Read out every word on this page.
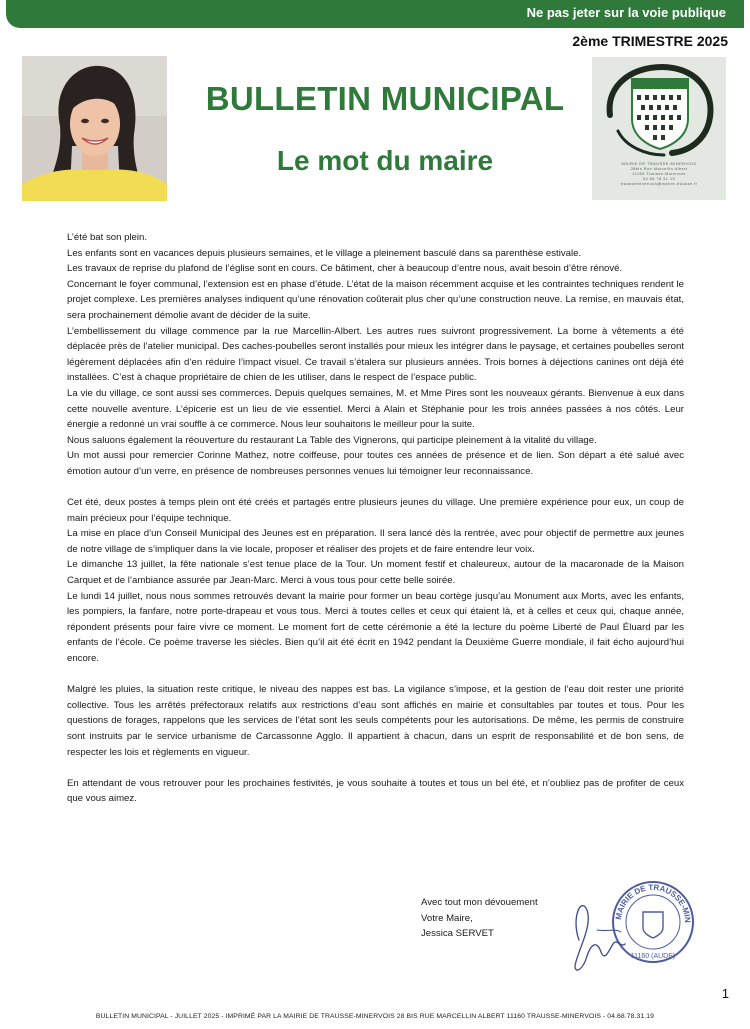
Ne pas jeter sur la voie publique
2ème TRIMESTRE 2025
BULLETIN MUNICIPAL
Le mot du maire	MAIRIE DE TRAUSSE-MINERVOIS
28bis Rue Marcellin Albert
11160 Trausse-Minervois
04 68 78 31 19
trausseminervois@mairie-trausse.fr

L’été bat son plein.

Les enfants sont en vacances depuis plusieurs semaines, et le village a pleinement basculé dans sa parenthèse estivale.

Les travaux de reprise du plafond de l’église sont en cours. Ce bâtiment, cher à beaucoup d’entre nous, avait besoin d’être rénové.

Concernant le foyer communal, l’extension est en phase d’étude. L’état de la maison récemment acquise et les contraintes techniques rendent le projet complexe. Les premières analyses indiquent qu’une rénovation coûterait plus cher qu’une construction neuve. La remise, en mauvais état, sera prochainement démolie avant de décider de la suite.

L’embellissement du village commence par la rue Marcellin-Albert. Les autres rues suivront progressivement. La borne à vêtements a été déplacée près de l’atelier municipal. Des caches-poubelles seront installés pour mieux les intégrer dans le paysage, et certaines poubelles seront légèrement déplacées afin d’en réduire l’impact visuel. Ce travail s’étalera sur plusieurs années. Trois bornes à déjections canines ont déjà été installées. C’est à chaque propriétaire de chien de les utiliser, dans le respect de l’espace public.

La vie du village, ce sont aussi ses commerces. Depuis quelques semaines, M. et Mme Pires sont les nouveaux gérants. Bienvenue à eux dans cette nouvelle aventure. L’épicerie est un lieu de vie essentiel. Merci à Alain et Stéphanie pour les trois années passées à nos côtés. Leur énergie a redonné un vrai souffle à ce commerce. Nous leur souhaitons le meilleur pour la suite.

Nous saluons également la réouverture du restaurant La Table des Vignerons, qui participe pleinement à la vitalité du village.

Un mot aussi pour remercier Corinne Mathez, notre coiffeuse, pour toutes ces années de présence et de lien. Son départ a été salué avec émotion autour d’un verre, en présence de nombreuses personnes venues lui témoigner leur reconnaissance.

Cet été, deux postes à temps plein ont été créés et partagés entre plusieurs jeunes du village. Une première expérience pour eux, un coup de main précieux pour l’équipe technique.

La mise en place d’un Conseil Municipal des Jeunes est en préparation. Il sera lancé dès la rentrée, avec pour objectif de permettre aux jeunes de notre village de s’impliquer dans la vie locale, proposer et réaliser des projets et de faire entendre leur voix.

Le dimanche 13 juillet, la fête nationale s’est tenue place de la Tour. Un moment festif et chaleureux, autour de la macaronade de la Maison Carquet et de l’ambiance assurée par Jean-Marc. Merci à vous tous pour cette belle soirée.

Le lundi 14 juillet, nous nous sommes retrouvés devant la mairie pour former un beau cortège jusqu’au Monument aux Morts, avec les enfants, les pompiers, la fanfare, notre porte-drapeau et vous tous. Merci à toutes celles et ceux qui étaient là, et à celles et ceux qui, chaque année, répondent présents pour faire vivre ce moment. Le moment fort de cette cérémonie a été la lecture du poème Liberté de Paul Éluard par les enfants de l’école. Ce poème traverse les siècles. Bien qu’il ait été écrit en 1942 pendant la Deuxième Guerre mondiale, il fait écho aujourd’hui encore.

Malgré les pluies, la situation reste critique, le niveau des nappes est bas. La vigilance s’impose, et la gestion de l’eau doit rester une priorité collective. Tous les arrêtés préfectoraux relatifs aux restrictions d’eau sont affichés en mairie et consultables par toutes et tous. Pour les questions de forages, rappelons que les services de l’état sont les seuls compétents pour les autorisations. De même, les permis de construire sont instruits par le service urbanisme de Carcassonne Agglo. Il appartient à chacun, dans un esprit de responsabilité et de bon sens, de respecter les lois et règlements en vigueur.

En attendant de vous retrouver pour les prochaines festivités, je vous souhaite à toutes et tous un bel été, et n’oubliez pas de profiter de ceux que vous aimez.

Avec tout mon dévouement
Votre Maire,
Jessica SERVET
MAIRIE DE TRAUSSE-MIN
11160 (AUDE)
1
BULLETIN MUNICIPAL - JUILLET 2025 - IMPRIMÉ PAR LA MAIRIE DE TRAUSSE-MINERVOIS 28 BIS RUE MARCELLIN ALBERT 11160 TRAUSSE-MINERVOIS - 04.68.78.31.19
